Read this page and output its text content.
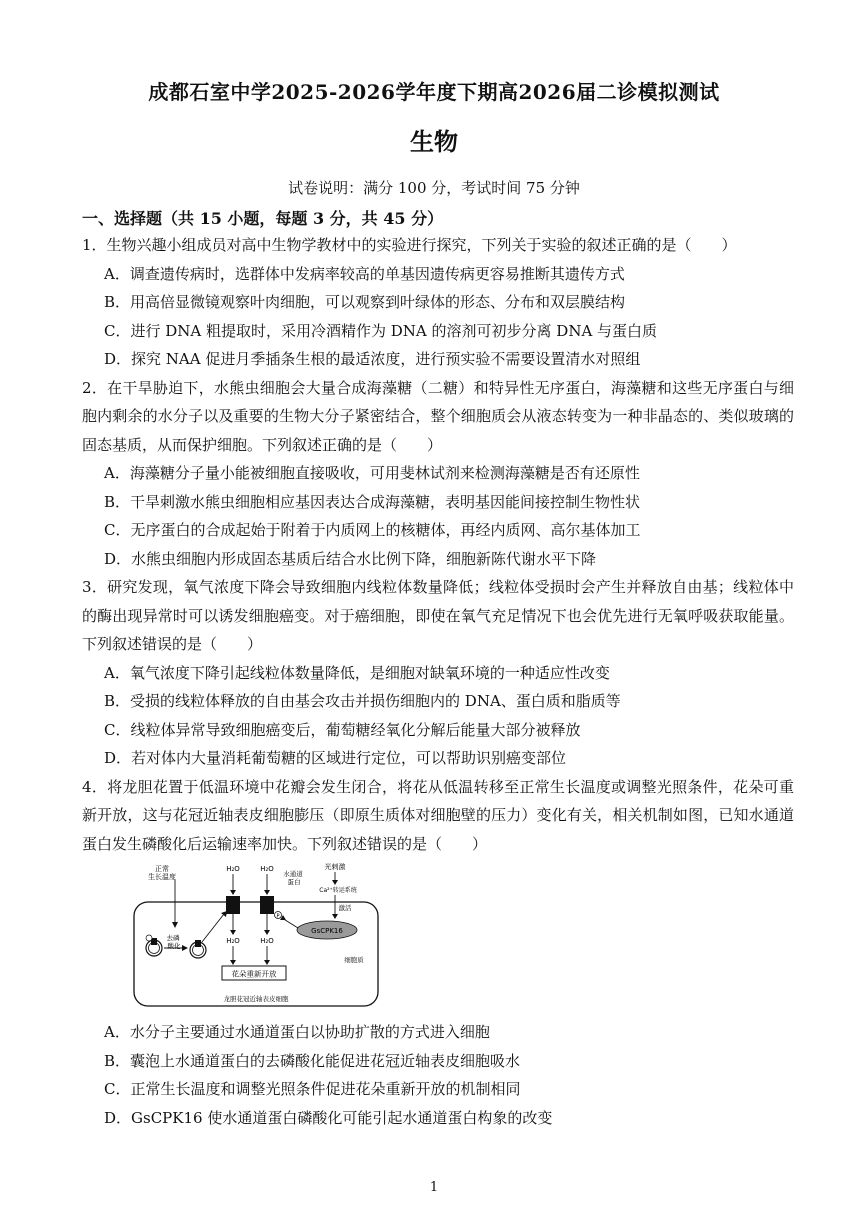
成都石室中学2025-2026学年度下期高2026届二诊模拟测试
生物
试卷说明：满分 100 分，考试时间 75 分钟
一、选择题（共 15 小题，每题 3 分，共 45 分）
1．生物兴趣小组成员对高中生物学教材中的实验进行探究，下列关于实验的叙述正确的是（　　）
A．调查遗传病时，选群体中发病率较高的单基因遗传病更容易推断其遗传方式
B．用高倍显微镜观察叶肉细胞，可以观察到叶绿体的形态、分布和双层膜结构
C．进行 DNA 粗提取时，采用冷酒精作为 DNA 的溶剂可初步分离 DNA 与蛋白质
D．探究 NAA 促进月季插条生根的最适浓度，进行预实验不需要设置清水对照组
2．在干旱胁迫下，水熊虫细胞会大量合成海藻糖（二糖）和特异性无序蛋白，海藻糖和这些无序蛋白与细胞内剩余的水分子以及重要的生物大分子紧密结合，整个细胞质会从液态转变为一种非晶态的、类似玻璃的固态基质，从而保护细胞。下列叙述正确的是（　　）
A．海藻糖分子量小能被细胞直接吸收，可用斐林试剂来检测海藻糖是否有还原性
B．干旱刺激水熊虫细胞相应基因表达合成海藻糖，表明基因能间接控制生物性状
C．无序蛋白的合成起始于附着于内质网上的核糖体，再经内质网、高尔基体加工
D．水熊虫细胞内形成固态基质后结合水比例下降，细胞新陈代谢水平下降
3．研究发现，氧气浓度下降会导致细胞内线粒体数量降低；线粒体受损时会产生并释放自由基；线粒体中的酶出现异常时可以诱发细胞癌变。对于癌细胞，即使在氧气充足情况下也会优先进行无氧呼吸获取能量。下列叙述错误的是（　　）
A．氧气浓度下降引起线粒体数量降低，是细胞对缺氧环境的一种适应性改变
B．受损的线粒体释放的自由基会攻击并损伤细胞内的 DNA、蛋白质和脂质等
C．线粒体异常导致细胞癌变后，葡萄糖经氧化分解后能量大部分被释放
D．若对体内大量消耗葡萄糖的区域进行定位，可以帮助识别癌变部位
4．将龙胆花置于低温环境中花瓣会发生闭合，将花从低温转移至正常生长温度或调整光照条件，花朵可重新开放，这与花冠近轴表皮细胞膨压（即原生质体对细胞壁的压力）变化有关，相关机制如图，已知水通道蛋白发生磷酸化后运输速率加快。下列叙述错误的是（　　）
正常生长温度
去磷 酸化
H₂O	H₂O
P
水通道 蛋白
光刺激
Ca²⁺转运系统
激活
GsCPK16
H₂O	H₂O
花朵重新开放
细胞质
龙胆花冠近轴表皮细胞
A．水分子主要通过水通道蛋白以协助扩散的方式进入细胞
B．囊泡上水通道蛋白的去磷酸化能促进花冠近轴表皮细胞吸水
C．正常生长温度和调整光照条件促进花朵重新开放的机制相同
D．GsCPK16 使水通道蛋白磷酸化可能引起水通道蛋白构象的改变
1
